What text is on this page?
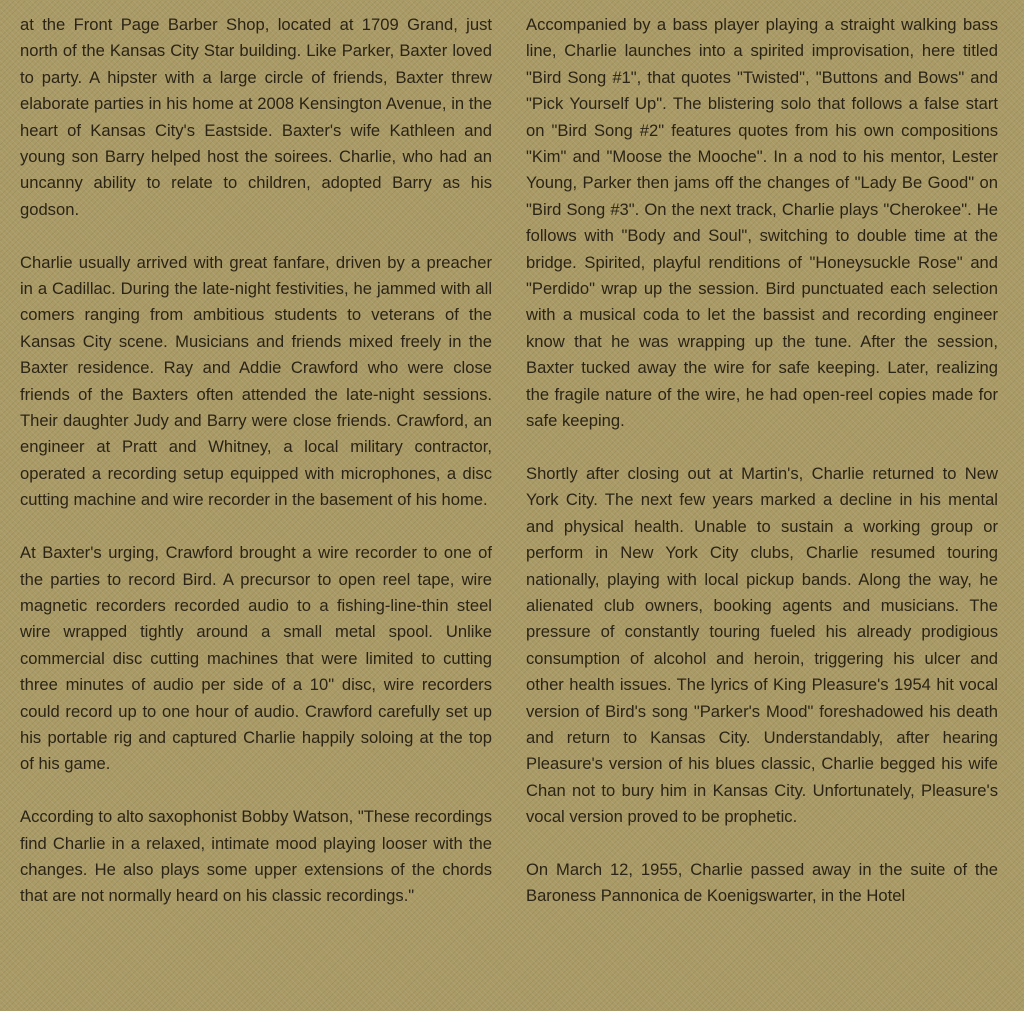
at the Front Page Barber Shop, located at 1709 Grand, just north of the Kansas City Star building. Like Parker, Baxter loved to party. A hipster with a large circle of friends, Baxter threw elaborate parties in his home at 2008 Kensington Avenue, in the heart of Kansas City's Eastside. Baxter's wife Kathleen and young son Barry helped host the soirees. Charlie, who had an uncanny ability to relate to children, adopted Barry as his godson.

Charlie usually arrived with great fanfare, driven by a preacher in a Cadillac. During the late-night festivities, he jammed with all comers ranging from ambitious students to veterans of the Kansas City scene. Musicians and friends mixed freely in the Baxter residence. Ray and Addie Crawford who were close friends of the Baxters often attended the late-night sessions. Their daughter Judy and Barry were close friends. Crawford, an engineer at Pratt and Whitney, a local military contractor, operated a recording setup equipped with microphones, a disc cutting machine and wire recorder in the basement of his home.

At Baxter's urging, Crawford brought a wire recorder to one of the parties to record Bird. A precursor to open reel tape, wire magnetic recorders recorded audio to a fishing-line-thin steel wire wrapped tightly around a small metal spool. Unlike commercial disc cutting machines that were limited to cutting three minutes of audio per side of a 10" disc, wire recorders could record up to one hour of audio. Crawford carefully set up his portable rig and captured Charlie happily soloing at the top of his game.

According to alto saxophonist Bobby Watson, "These recordings find Charlie in a relaxed, intimate mood playing looser with the changes. He also plays some upper extensions of the chords that are not normally heard on his classic recordings."

Accompanied by a bass player playing a straight walking bass line, Charlie launches into a spirited improvisation, here titled "Bird Song #1", that quotes "Twisted", "Buttons and Bows" and "Pick Yourself Up". The blistering solo that follows a false start on "Bird Song #2" features quotes from his own compositions "Kim" and "Moose the Mooche". In a nod to his mentor, Lester Young, Parker then jams off the changes of "Lady Be Good" on "Bird Song #3". On the next track, Charlie plays "Cherokee". He follows with "Body and Soul", switching to double time at the bridge. Spirited, playful renditions of "Honeysuckle Rose" and "Perdido" wrap up the session. Bird punctuated each selection with a musical coda to let the bassist and recording engineer know that he was wrapping up the tune. After the session, Baxter tucked away the wire for safe keeping. Later, realizing the fragile nature of the wire, he had open-reel copies made for safe keeping.

Shortly after closing out at Martin's, Charlie returned to New York City. The next few years marked a decline in his mental and physical health. Unable to sustain a working group or perform in New York City clubs, Charlie resumed touring nationally, playing with local pickup bands. Along the way, he alienated club owners, booking agents and musicians. The pressure of constantly touring fueled his already prodigious consumption of alcohol and heroin, triggering his ulcer and other health issues. The lyrics of King Pleasure's 1954 hit vocal version of Bird's song "Parker's Mood" foreshadowed his death and return to Kansas City. Understandably, after hearing Pleasure's version of his blues classic, Charlie begged his wife Chan not to bury him in Kansas City. Unfortunately, Pleasure's vocal version proved to be prophetic.

On March 12, 1955, Charlie passed away in the suite of the Baroness Pannonica de Koenigswarter, in the Hotel
